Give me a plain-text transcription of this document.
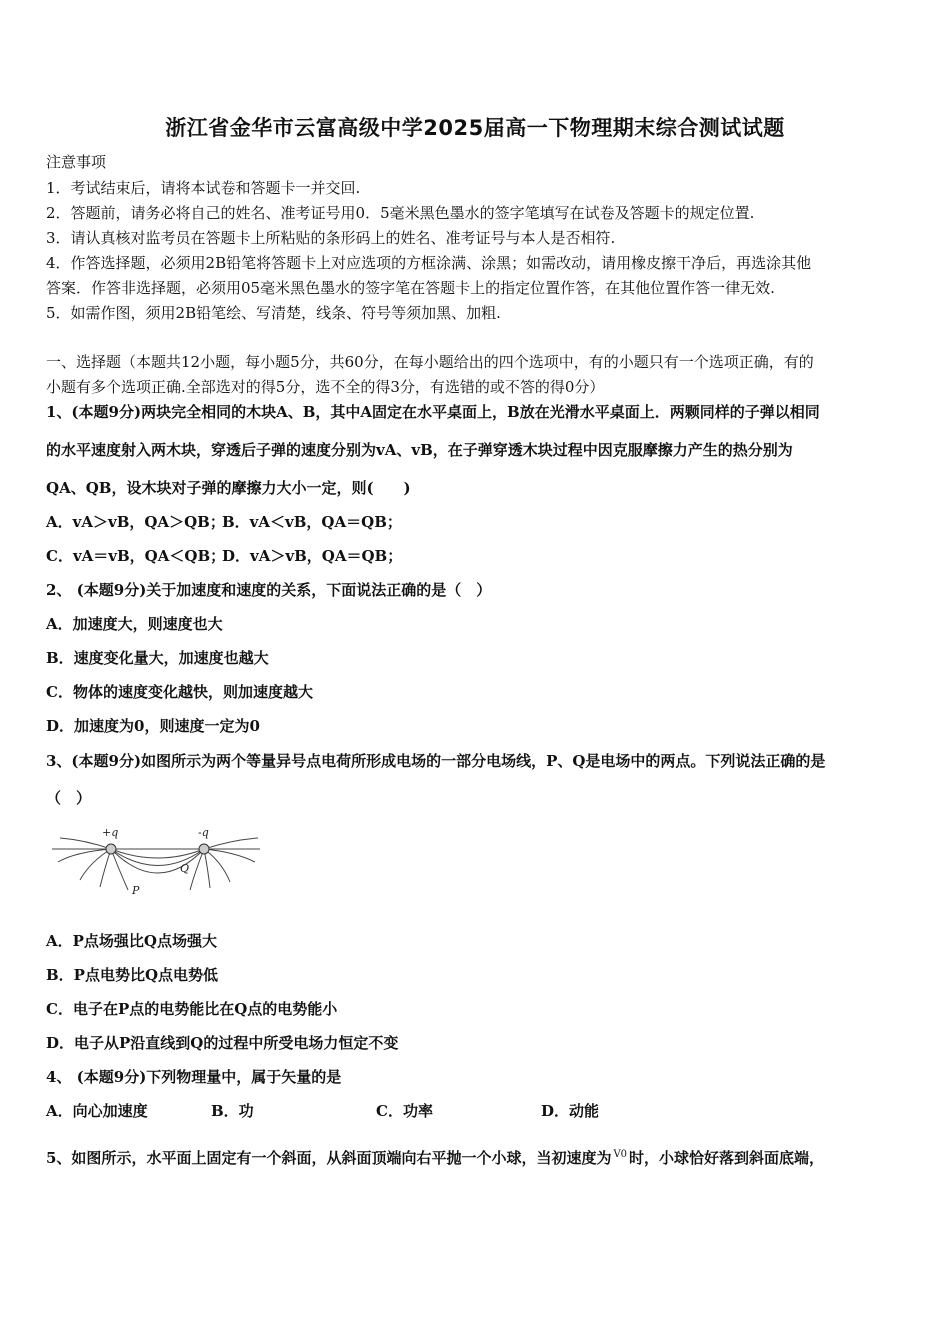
浙江省金华市云富高级中学2025届高一下物理期末综合测试试题
注意事项
1．考试结束后，请将本试卷和答题卡一并交回.
2．答题前，请务必将自己的姓名、准考证号用0．5毫米黑色墨水的签字笔填写在试卷及答题卡的规定位置.
3．请认真核对监考员在答题卡上所粘贴的条形码上的姓名、准考证号与本人是否相符.
4．作答选择题，必须用2B铅笔将答题卡上对应选项的方框涂满、涂黑；如需改动，请用橡皮擦干净后，再选涂其他
答案．作答非选择题，必须用05毫米黑色墨水的签字笔在答题卡上的指定位置作答，在其他位置作答一律无效.
5．如需作图，须用2B铅笔绘、写清楚，线条、符号等须加黑、加粗.
一、选择题（本题共12小题，每小题5分，共60分，在每小题给出的四个选项中，有的小题只有一个选项正确，有的
小题有多个选项正确.全部选对的得5分，选不全的得3分，有选错的或不答的得0分）
1、(本题9分)两块完全相同的木块A、B，其中A固定在水平桌面上，B放在光滑水平桌面上．两颗同样的子弹以相同
的水平速度射入两木块，穿透后子弹的速度分别为vA、vB，在子弹穿透木块过程中因克服摩擦力产生的热分别为
QA、QB，设木块对子弹的摩擦力大小一定，则(　　)
A．vA＞vB，QA＞QB；
B．vA＜vB，QA＝QB；
C．vA＝vB，QA＜QB；
D．vA＞vB，QA＝QB；
2、 (本题9分)关于加速度和速度的关系，下面说法正确的是（　）
A．加速度大，则速度也大
B．速度变化量大，加速度也越大
C．物体的速度变化越快，则加速度越大
D．加速度为0，则速度一定为0
3、(本题9分)如图所示为两个等量异号点电荷所形成电场的一部分电场线，P、Q是电场中的两点。下列说法正确的是
（　）
+q	-q
P
Q
A．P点场强比Q点场强大
B．P点电势比Q点电势低
C．电子在P点的电势能比在Q点的电势能小
D．电子从P沿直线到Q的过程中所受电场力恒定不变
4、 (本题9分)下列物理量中，属于矢量的是
A．向心加速度	B．功	C．功率	D．动能
5、如图所示，水平面上固定有一个斜面，从斜面顶端向右平抛一个小球，当初速度为 $^{V0}$ 时，小球恰好落到斜面底端，
